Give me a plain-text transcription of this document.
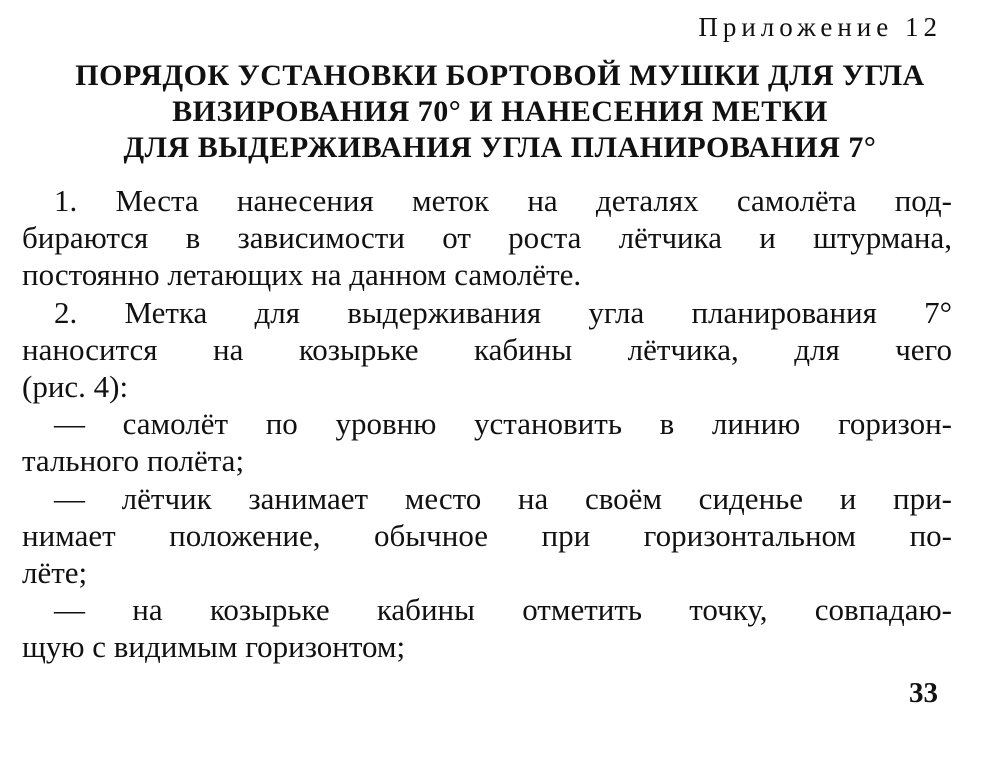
Приложение 12
ПОРЯДОК УСТАНОВКИ БОРТОВОЙ МУШКИ ДЛЯ УГЛА
ВИЗИРОВАНИЯ 70° И НАНЕСЕНИЯ МЕТКИ
ДЛЯ ВЫДЕРЖИВАНИЯ УГЛА ПЛАНИРОВАНИЯ 7°
1. Места нанесения меток на деталях самолёта под-
бираются в зависимости от роста лётчика и штурмана,
постоянно летающих на данном самолёте.
2. Метка для выдерживания угла планирования 7°
наносится на козырьке кабины лётчика, для чего
(рис. 4):
— самолёт по уровню установить в линию горизон-
тального полёта;
— лётчик занимает место на своём сиденье и при-
нимает положение, обычное при горизонтальном по-
лёте;
— на козырьке кабины отметить точку, совпадаю-
щую с видимым горизонтом;
33
